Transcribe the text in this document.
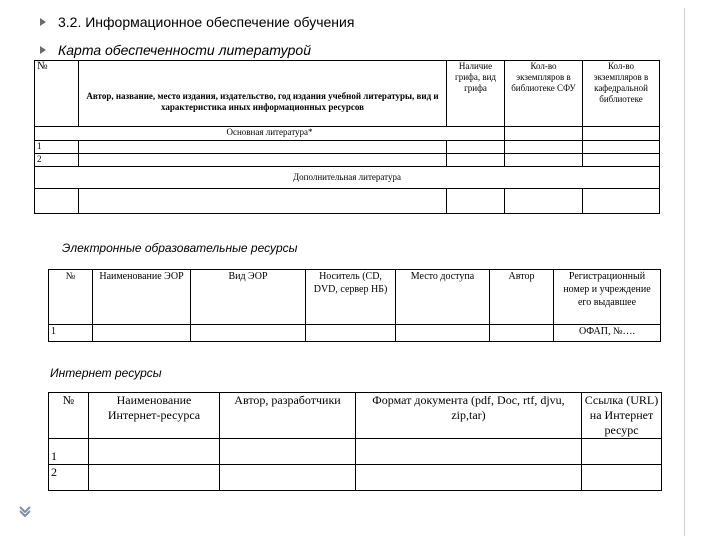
3.2. Информационное обеспечение обучения
Карта обеспеченности литературой
№	Автор, название, место издания, издательство, год издания учебной литературы, вид и характеристика иных информационных ресурсов	Наличие грифа, вид грифа	Кол-во экземпляров в библиотеке СФУ	Кол-во экземпляров в кафедральной библиотеке
Основная литература*				
1				
2				
Дополнительная литература				

Электронные образовательные ресурсы
№	Наименование ЭОР	Вид ЭОР	Носитель (CD, DVD, сервер НБ)	Место доступа	Автор	Регистрационный номер и учреждение его выдавшее
1						ОФАП, №….
Интернет ресурсы
№	Наименование Интернет-ресурса	Автор, разработчики	Формат документа (pdf, Doc, rtf, djvu, zip,tar)	Ссылка (URL) на Интернет ресурс
1				
2				
